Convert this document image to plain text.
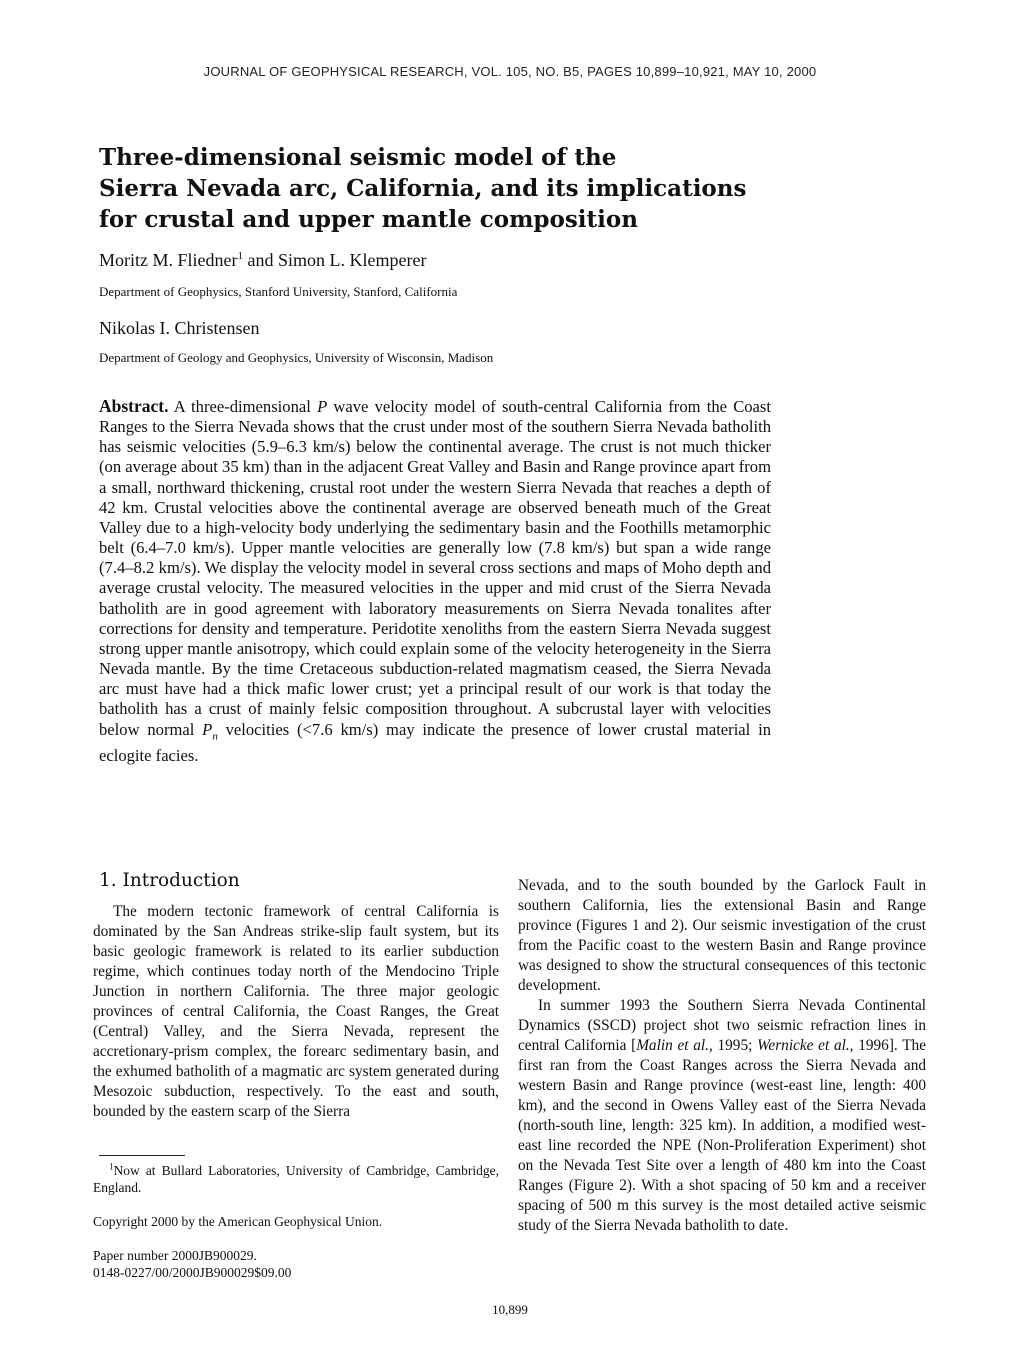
JOURNAL OF GEOPHYSICAL RESEARCH, VOL. 105, NO. B5, PAGES 10,899–10,921, MAY 10, 2000
Three-dimensional seismic model of the
Sierra Nevada arc, California, and its implications
for crustal and upper mantle composition
Moritz M. Fliedner$^1$ and Simon L. Klemperer
Department of Geophysics, Stanford University, Stanford, California
Nikolas I. Christensen
Department of Geology and Geophysics, University of Wisconsin, Madison
Abstract. A three-dimensional P wave velocity model of south-central California from the Coast Ranges to the Sierra Nevada shows that the crust under most of the southern Sierra Nevada batholith has seismic velocities (5.9–6.3 km/s) below the continental average. The crust is not much thicker (on average about 35 km) than in the adjacent Great Valley and Basin and Range province apart from a small, northward thickening, crustal root under the western Sierra Nevada that reaches a depth of 42 km. Crustal velocities above the continental average are observed beneath much of the Great Valley due to a high-velocity body underlying the sedimentary basin and the Foothills metamorphic belt (6.4–7.0 km/s). Upper mantle velocities are generally low (7.8 km/s) but span a wide range (7.4–8.2 km/s). We display the velocity model in several cross sections and maps of Moho depth and average crustal velocity. The measured velocities in the upper and mid crust of the Sierra Nevada batholith are in good agreement with laboratory measurements on Sierra Nevada tonalites after corrections for density and temperature. Peridotite xenoliths from the eastern Sierra Nevada suggest strong upper mantle anisotropy, which could explain some of the velocity heterogeneity in the Sierra Nevada mantle. By the time Cretaceous subduction-related magmatism ceased, the Sierra Nevada arc must have had a thick mafic lower crust; yet a principal result of our work is that today the batholith has a crust of mainly felsic composition throughout. A subcrustal layer with velocities below normal $P_n$ velocities (<7.6 km/s) may indicate the presence of lower crustal material in eclogite facies.
1. Introduction
The modern tectonic framework of central California is dominated by the San Andreas strike-slip fault system, but its basic geologic framework is related to its earlier subduction regime, which continues today north of the Mendocino Triple Junction in northern California. The three major geologic provinces of central California, the Coast Ranges, the Great (Central) Valley, and the Sierra Nevada, represent the accretionary-prism complex, the forearc sedimentary basin, and the exhumed batholith of a magmatic arc system generated during Mesozoic subduction, respectively. To the east and south, bounded by the eastern scarp of the Sierra

Nevada, and to the south bounded by the Garlock Fault in southern California, lies the extensional Basin and Range province (Figures 1 and 2). Our seismic investigation of the crust from the Pacific coast to the western Basin and Range province was designed to show the structural consequences of this tectonic development.

In summer 1993 the Southern Sierra Nevada Continental Dynamics (SSCD) project shot two seismic refraction lines in central California [Malin et al., 1995; Wernicke et al., 1996]. The first ran from the Coast Ranges across the Sierra Nevada and western Basin and Range province (west-east line, length: 400 km), and the second in Owens Valley east of the Sierra Nevada (north-south line, length: 325 km). In addition, a modified west-east line recorded the NPE (Non-Proliferation Experiment) shot on the Nevada Test Site over a length of 480 km into the Coast Ranges (Figure 2). With a shot spacing of 50 km and a receiver spacing of 500 m this survey is the most detailed active seismic study of the Sierra Nevada batholith to date.

$^1$Now at Bullard Laboratories, University of Cambridge, Cambridge, England.
Copyright 2000 by the American Geophysical Union.
Paper number 2000JB900029.
0148-0227/00/2000JB900029$09.00
10,899
